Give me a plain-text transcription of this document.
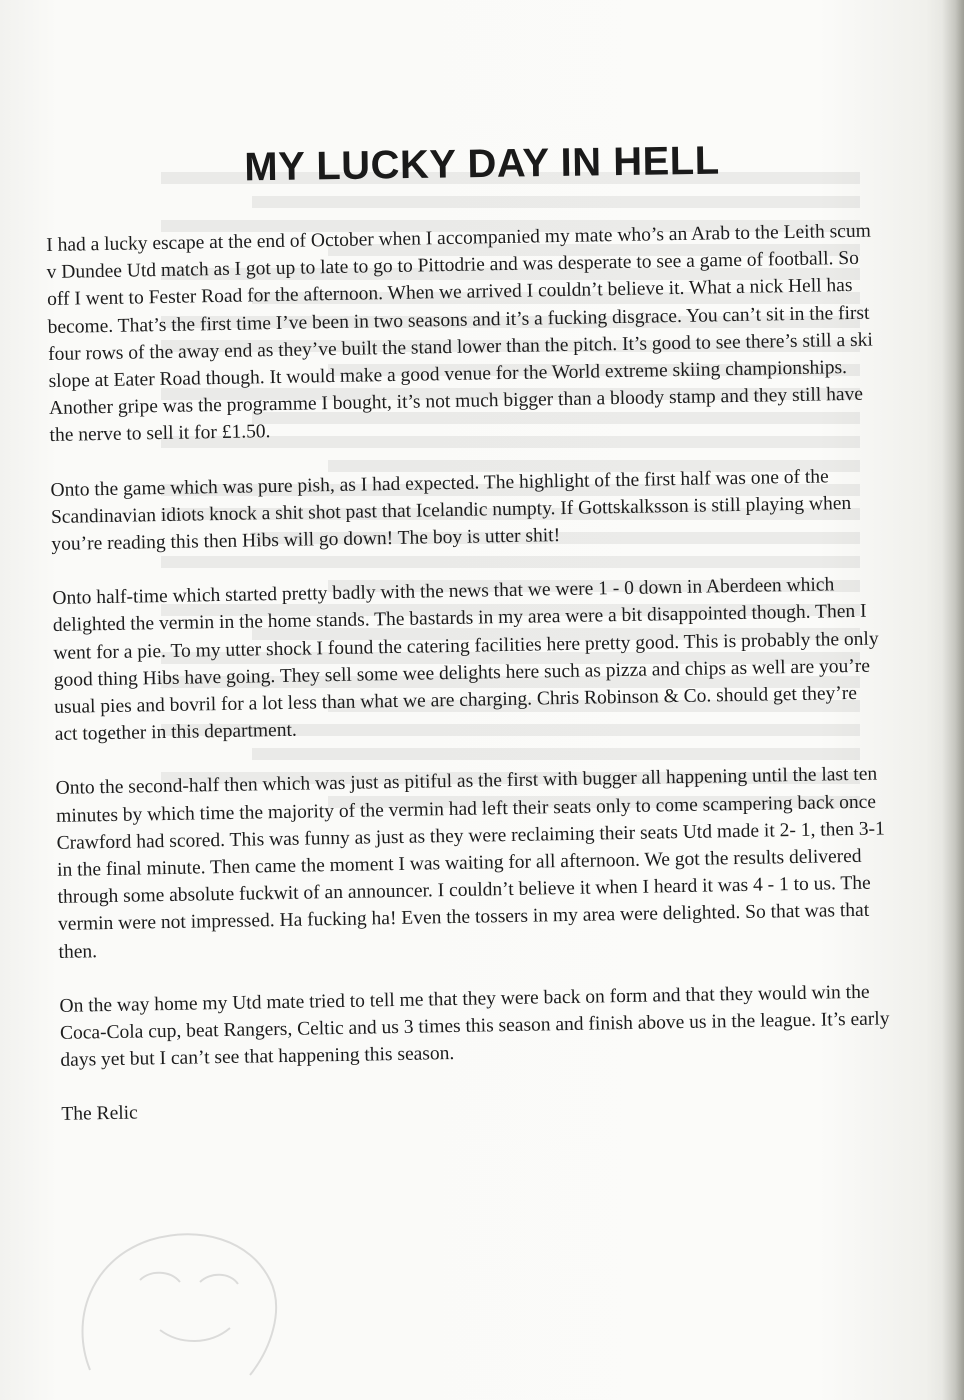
MY LUCKY DAY IN HELL

I had a lucky escape at the end of October when I accompanied my mate who’s an Arab to the Leith scum v Dundee Utd match as I got up to late to go to Pittodrie and was desperate to see a game of football. So off I went to Fester Road for the afternoon. When we arrived I couldn’t believe it. What a nick Hell has become. That’s the first time I’ve been in two seasons and it’s a fucking disgrace. You can’t sit in the first four rows of the away end as they’ve built the stand lower than the pitch. It’s good to see there’s still a ski slope at Eater Road though. It would make a good venue for the World extreme skiing championships. Another gripe was the programme I bought, it’s not much bigger than a bloody stamp and they still have the nerve to sell it for £1.50.

Onto the game which was pure pish, as I had expected. The highlight of the first half was one of the Scandinavian idiots knock a shit shot past that Icelandic numpty. If Gottskalksson is still playing when you’re reading this then Hibs will go down! The boy is utter shit!

Onto half-time which started pretty badly with the news that we were 1 - 0 down in Aberdeen which delighted the vermin in the home stands. The bastards in my area were a bit disappointed though. Then I went for a pie. To my utter shock I found the catering facilities here pretty good. This is probably the only good thing Hibs have going. They sell some wee delights here such as pizza and chips as well are you’re usual pies and bovril for a lot less than what we are charging. Chris Robinson & Co. should get they’re act together in this department.

Onto the second-half then which was just as pitiful as the first with bugger all happening until the last ten minutes by which time the majority of the vermin had left their seats only to come scampering back once Crawford had scored. This was funny as just as they were reclaiming their seats Utd made it 2- 1, then 3-1 in the final minute. Then came the moment I was waiting for all afternoon. We got the results delivered through some absolute fuckwit of an announcer. I couldn’t believe it when I heard it was 4 - 1 to us. The vermin were not impressed. Ha fucking ha! Even the tossers in my area were delighted. So that was that then.

On the way home my Utd mate tried to tell me that they were back on form and that they would win the Coca-Cola cup, beat Rangers, Celtic and us 3 times this season and finish above us in the league. It’s early days yet but I can’t see that happening this season.

The Relic
